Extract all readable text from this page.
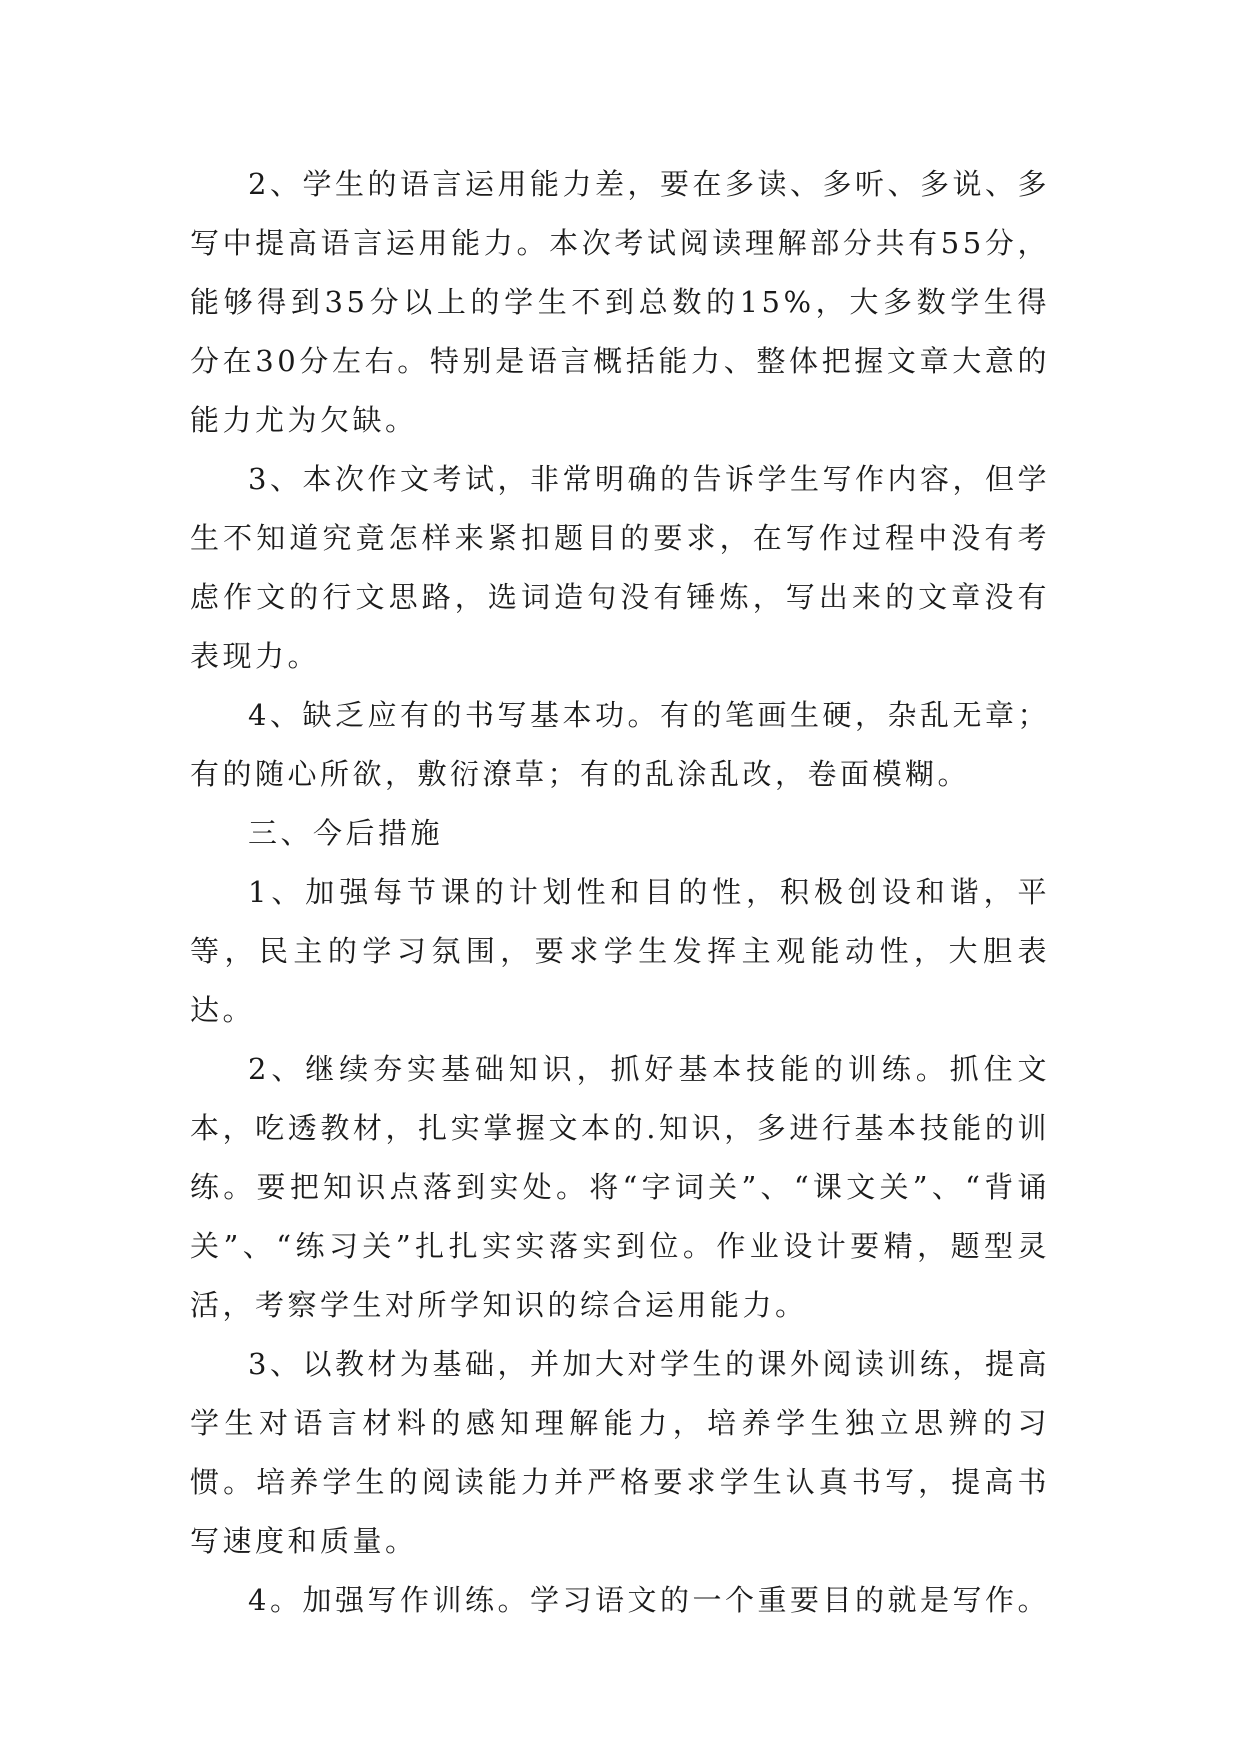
2、学生的语言运用能力差，要在多读、多听、多说、多写中提高语言运用能力。本次考试阅读理解部分共有55分，能够得到35分以上的学生不到总数的15%，大多数学生得分在30分左右。特别是语言概括能力、整体把握文章大意的能力尤为欠缺。

3、本次作文考试，非常明确的告诉学生写作内容，但学生不知道究竟怎样来紧扣题目的要求，在写作过程中没有考虑作文的行文思路，选词造句没有锤炼，写出来的文章没有表现力。

4、缺乏应有的书写基本功。有的笔画生硬，杂乱无章；有的随心所欲，敷衍潦草；有的乱涂乱改，卷面模糊。

三、今后措施

1、加强每节课的计划性和目的性，积极创设和谐，平等，民主的学习氛围，要求学生发挥主观能动性，大胆表达。

2、继续夯实基础知识，抓好基本技能的训练。抓住文本，吃透教材，扎实掌握文本的.知识，多进行基本技能的训练。要把知识点落到实处。将“字词关”、“课文关”、“背诵关”、“练习关”扎扎实实落实到位。作业设计要精，题型灵活，考察学生对所学知识的综合运用能力。

3、以教材为基础，并加大对学生的课外阅读训练，提高学生对语言材料的感知理解能力，培养学生独立思辨的习惯。培养学生的阅读能力并严格要求学生认真书写，提高书写速度和质量。

4。加强写作训练。学习语文的一个重要目的就是写作。
